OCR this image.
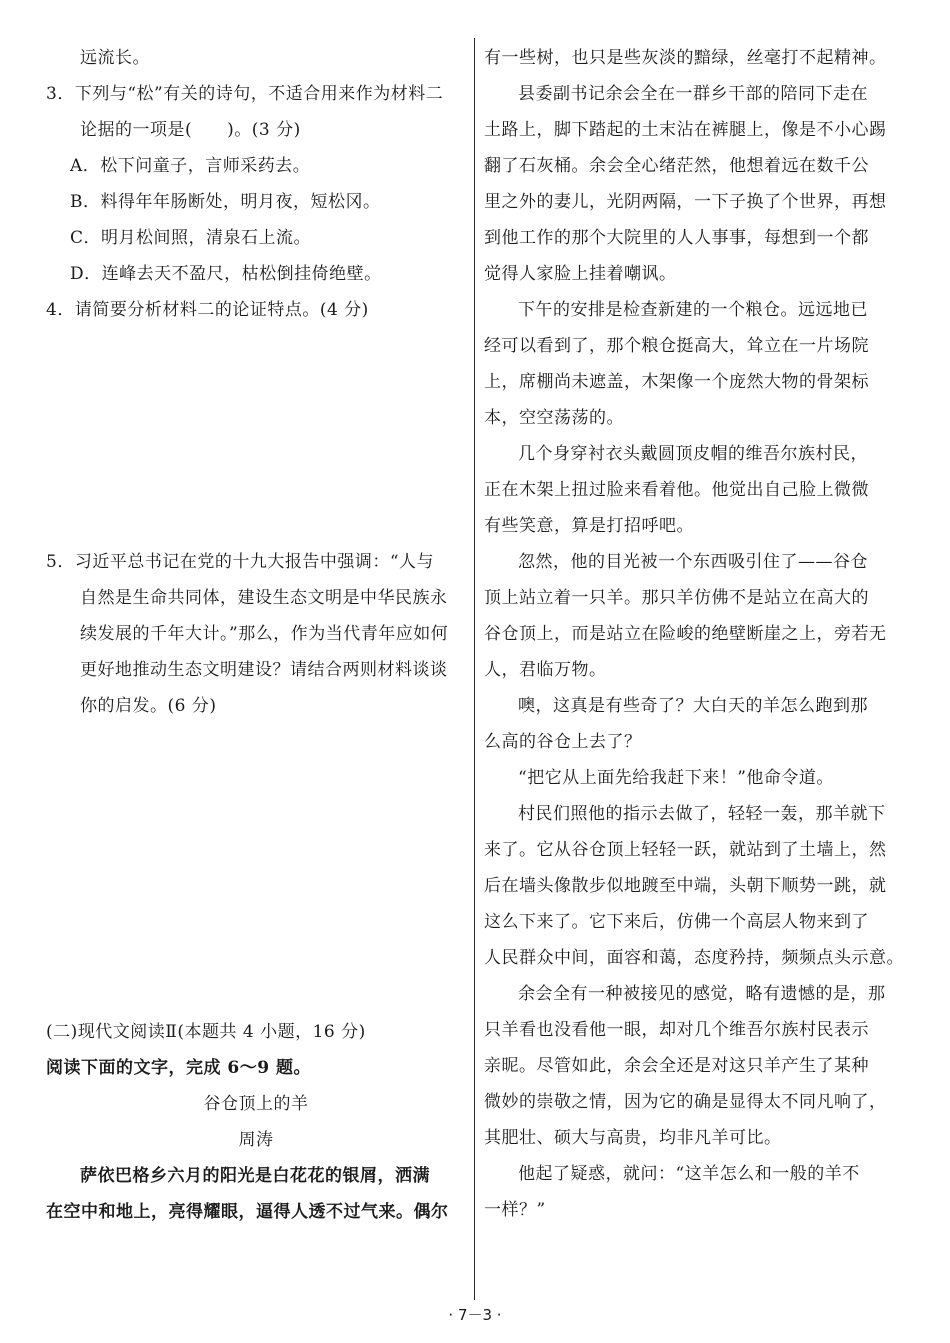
远流长。
3．下列与“松”有关的诗句，不适合用来作为材料二
论据的一项是(　　)。(3 分)
A．松下问童子，言师采药去。
B．料得年年肠断处，明月夜，短松冈。
C．明月松间照，清泉石上流。
D．连峰去天不盈尺，枯松倒挂倚绝壁。
4．请简要分析材料二的论证特点。(4 分)
5．习近平总书记在党的十九大报告中强调：“人与
自然是生命共同体，建设生态文明是中华民族永
续发展的千年大计。”那么，作为当代青年应如何
更好地推动生态文明建设？请结合两则材料谈谈
你的启发。(6 分)
(二)现代文阅读Ⅱ(本题共 4 小题，16 分)
阅读下面的文字，完成 6～9 题。
谷仓顶上的羊
周涛
萨依巴格乡六月的阳光是白花花的银屑，洒满
在空中和地上，亮得耀眼，逼得人透不过气来。偶尔
有一些树，也只是些灰淡的黯绿，丝毫打不起精神。
县委副书记余会全在一群乡干部的陪同下走在
土路上，脚下踏起的土末沾在裤腿上，像是不小心踢
翻了石灰桶。余会全心绪茫然，他想着远在数千公
里之外的妻儿，光阴两隔，一下子换了个世界，再想
到他工作的那个大院里的人人事事，每想到一个都
觉得人家脸上挂着嘲讽。
下午的安排是检查新建的一个粮仓。远远地已
经可以看到了，那个粮仓挺高大，耸立在一片场院
上，席棚尚未遮盖，木架像一个庞然大物的骨架标
本，空空荡荡的。
几个身穿衬衣头戴圆顶皮帽的维吾尔族村民，
正在木架上扭过脸来看着他。他觉出自己脸上微微
有些笑意，算是打招呼吧。
忽然，他的目光被一个东西吸引住了——谷仓
顶上站立着一只羊。那只羊仿佛不是站立在高大的
谷仓顶上，而是站立在险峻的绝壁断崖之上，旁若无
人，君临万物。
噢，这真是有些奇了？大白天的羊怎么跑到那
么高的谷仓上去了？
“把它从上面先给我赶下来！”他命令道。
村民们照他的指示去做了，轻轻一轰，那羊就下
来了。它从谷仓顶上轻轻一跃，就站到了土墙上，然
后在墙头像散步似地踱至中端，头朝下顺势一跳，就
这么下来了。它下来后，仿佛一个高层人物来到了
人民群众中间，面容和蔼，态度矜持，频频点头示意。
余会全有一种被接见的感觉，略有遗憾的是，那
只羊看也没看他一眼，却对几个维吾尔族村民表示
亲昵。尽管如此，余会全还是对这只羊产生了某种
微妙的崇敬之情，因为它的确是显得太不同凡响了，
其肥壮、硕大与高贵，均非凡羊可比。
他起了疑惑，就问：“这羊怎么和一般的羊不
一样？”
· 7－3 ·
